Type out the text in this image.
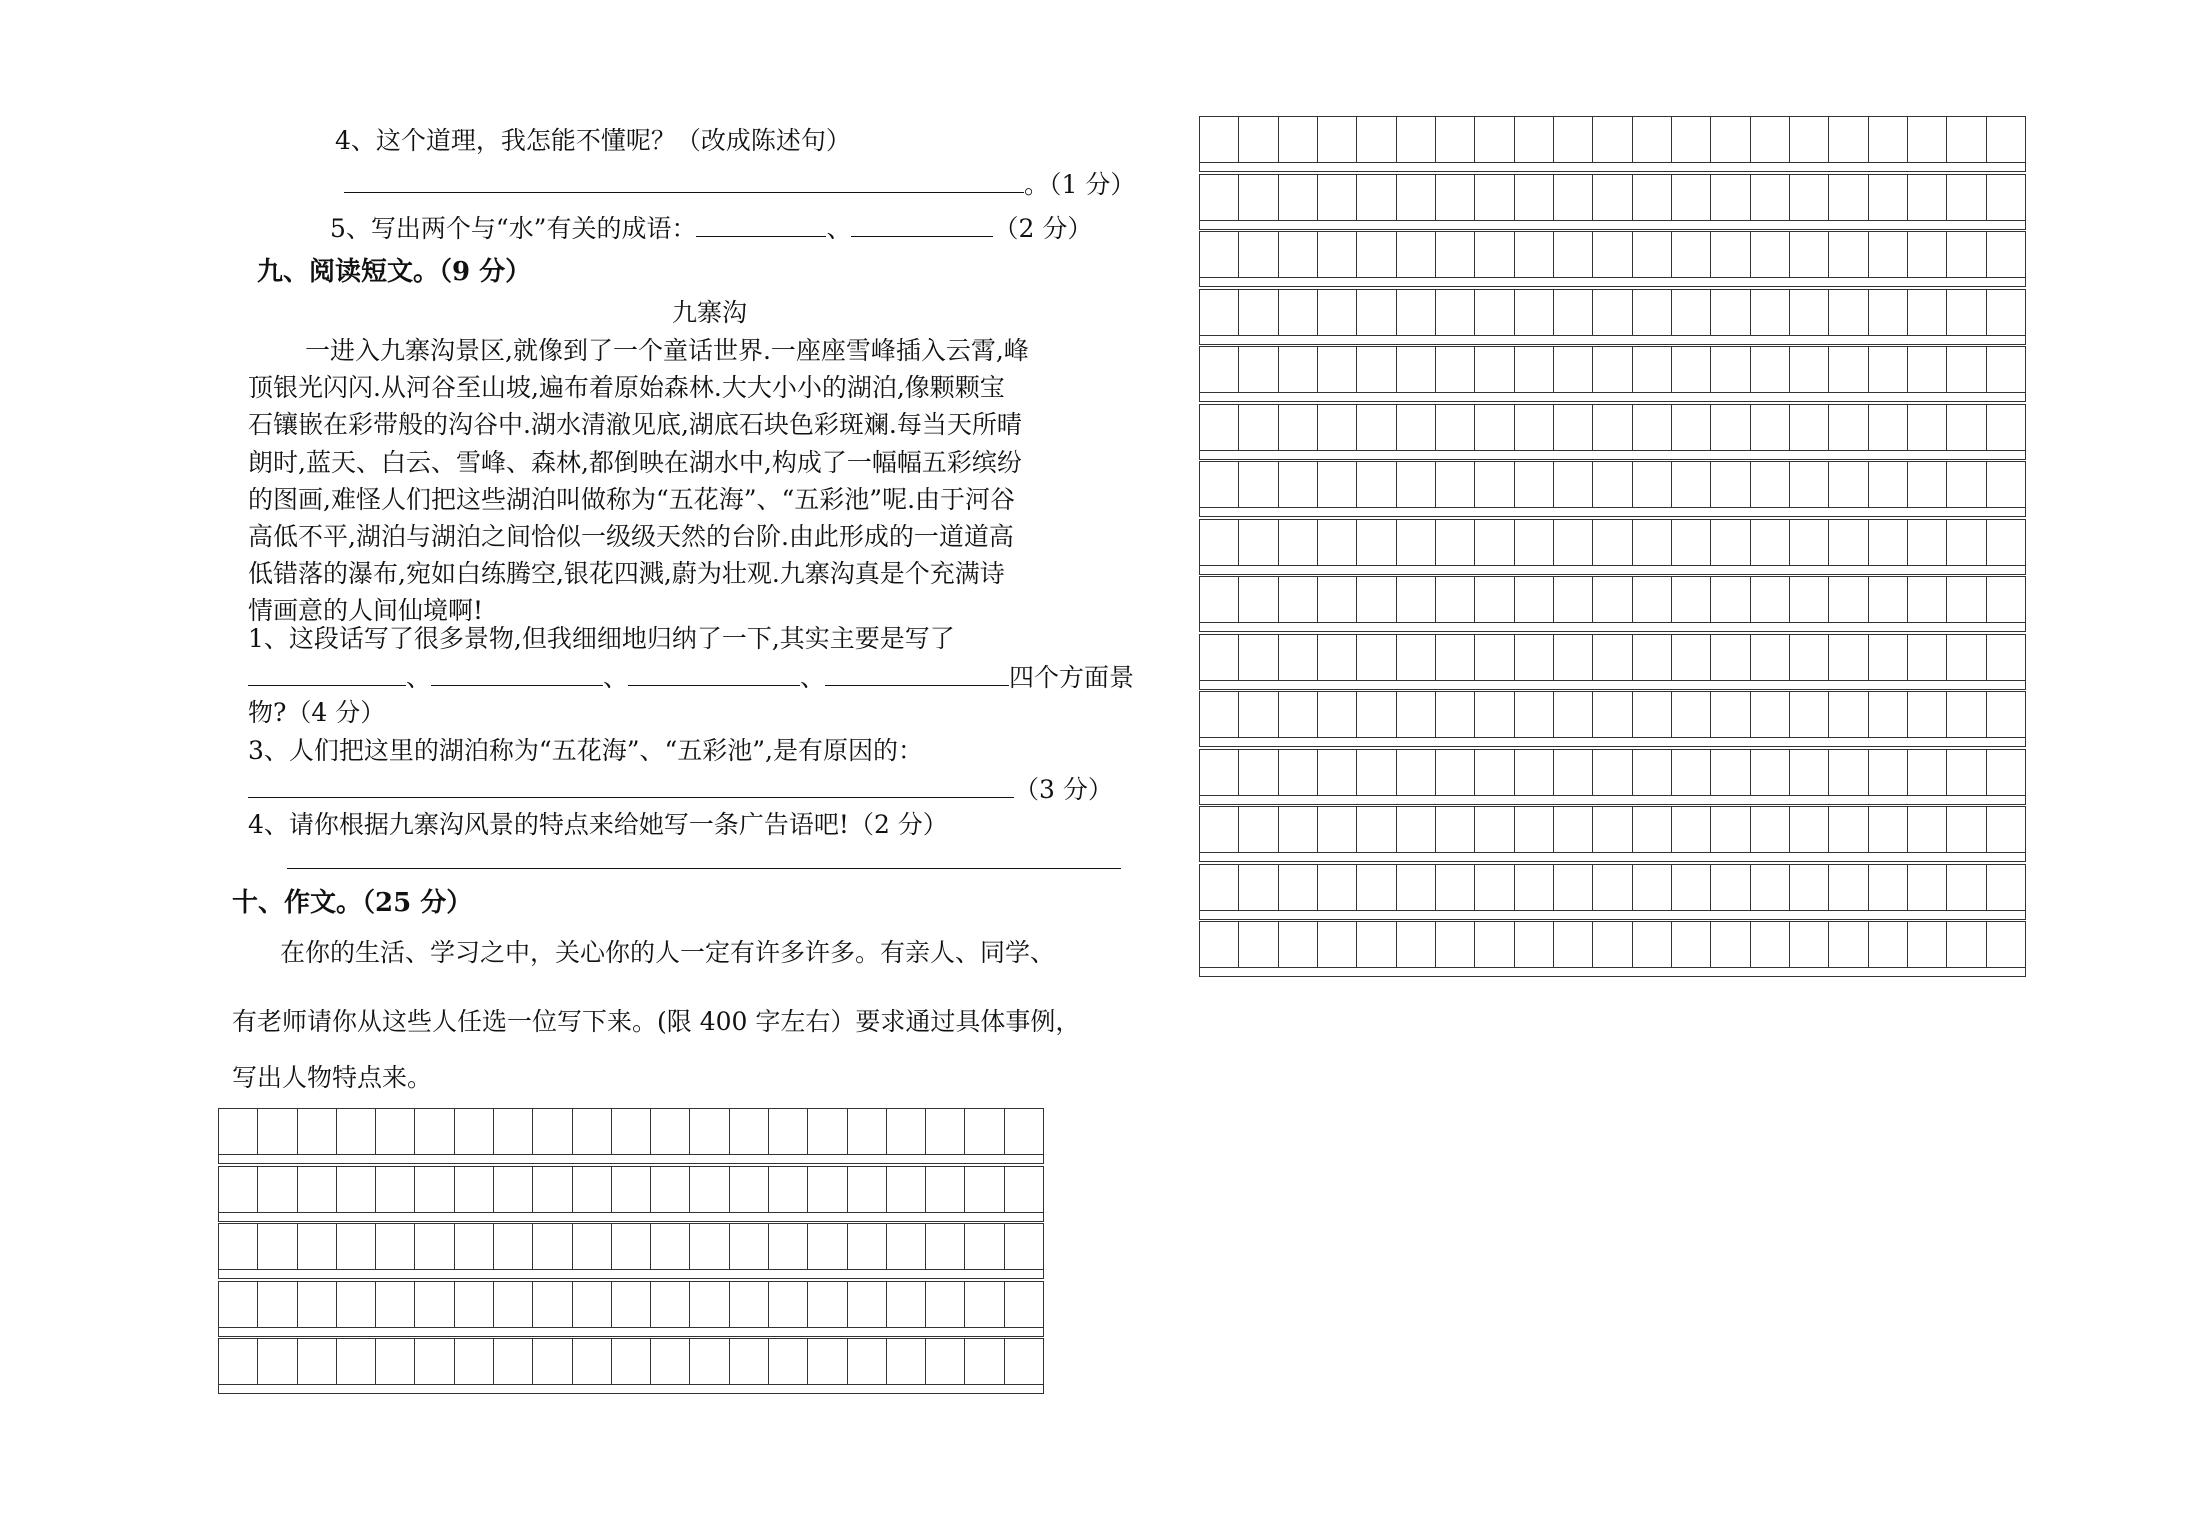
4、这个道理，我怎能不懂呢？（改成陈述句）
。（1 分）
5、写出两个与“水”有关的成语：	、	（2 分）
九、阅读短文。（9 分）
九寨沟
一进入九寨沟景区,就像到了一个童话世界.一座座雪峰插入云霄,峰
顶银光闪闪.从河谷至山坡,遍布着原始森林.大大小小的湖泊,像颗颗宝
石镶嵌在彩带般的沟谷中.湖水清澈见底,湖底石块色彩斑斓.每当天所晴
朗时,蓝天、白云、雪峰、森林,都倒映在湖水中,构成了一幅幅五彩缤纷
的图画,难怪人们把这些湖泊叫做称为“五花海”、“五彩池”呢.由于河谷
高低不平,湖泊与湖泊之间恰似一级级天然的台阶.由此形成的一道道高
低错落的瀑布,宛如白练腾空,银花四溅,蔚为壮观.九寨沟真是个充满诗
情画意的人间仙境啊!
1、这段话写了很多景物,但我细细地归纳了一下,其实主要是写了
、	、	、	四个方面景
物?（4 分）
3、人们把这里的湖泊称为“五花海”、“五彩池”,是有原因的：
（3 分）
4、请你根据九寨沟风景的特点来给她写一条广告语吧!（2 分）
十、作文。（25 分）
在你的生活、学习之中，关心你的人一定有许多许多。有亲人、同学、
有老师请你从这些人任选一位写下来。(限 400 字左右）要求通过具体事例，
写出人物特点来。
